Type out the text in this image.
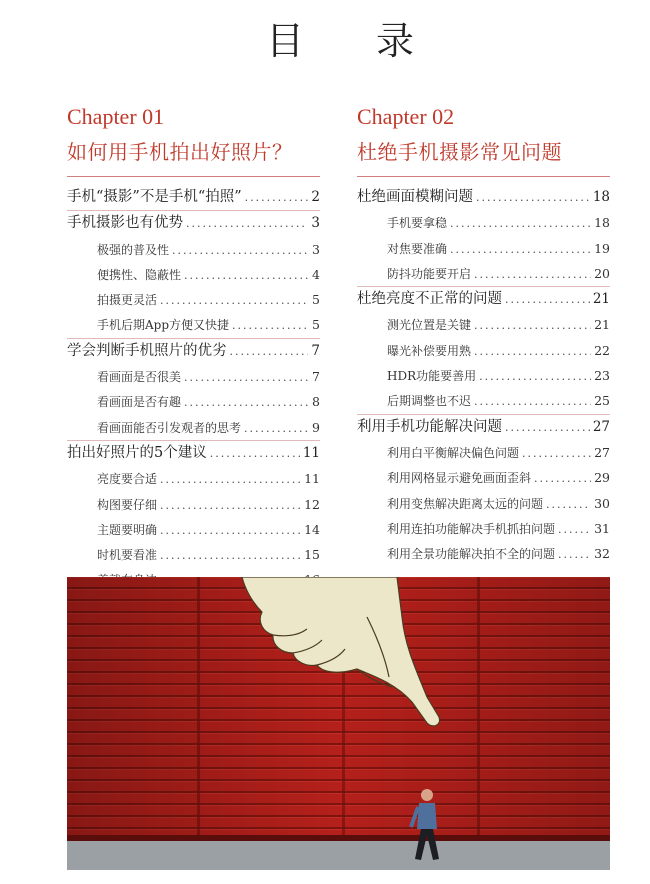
目 录
Chapter 01
如何用手机拍出好照片？
手机“摄影”不是手机“拍照” .....	2
手机摄影也有优势 .....	3
极强的普及性 .....	3
便携性、隐蔽性 .....	4
拍摄更灵活 .....	5
手机后期App方便又快捷 .....	5
学会判断手机照片的优劣 .....	7
看画面是否很美 .....	7
看画面是否有趣 .....	8
看画面能否引发观者的思考 .....	9
拍出好照片的5个建议 .....	11
亮度要合适 .....	11
构图要仔细 .....	12
主题要明确 .....	14
时机要看准 .....	15
.....
Chapter 02
杜绝手机摄影常见问题
杜绝画面模糊问题 .....	18
手机要拿稳 .....	18
对焦要准确 .....	19
防抖功能要开启 .....	20
杜绝亮度不正常的问题 .....	21
测光位置是关键 .....	21
曝光补偿要用熟 .....	22
HDR功能要善用 .....	23
后期调整也不迟 .....	25
利用手机功能解决问题 .....	27
利用白平衡解决偏色问题 .....	27
利用网格显示避免画面歪斜 .....	29
利用变焦解决距离太远的问题 .....	30
利用连拍功能解决手机抓拍问题 .....	31
利用全景功能解决拍不全的问题 .....	32
